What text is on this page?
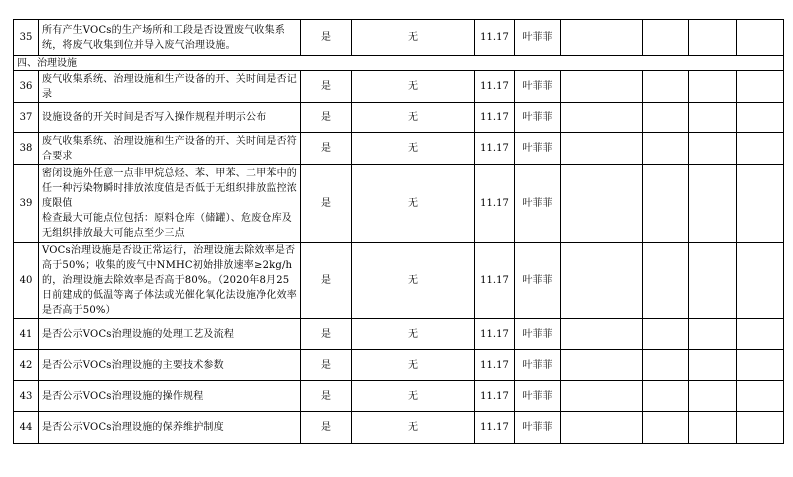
35	所有产生VOCs的生产场所和工段是否设置废气收集系统，将废气收集到位并导入废气治理设施。	是	无	11.17	叶菲菲				
四、治理设施									
36	废气收集系统、治理设施和生产设备的开、关时间是否记录	是	无	11.17	叶菲菲				
37	设施设备的开关时间是否写入操作规程并明示公布	是	无	11.17	叶菲菲				
38	废气收集系统、治理设施和生产设备的开、关时间是否符合要求	是	无	11.17	叶菲菲				
39	密闭设施外任意一点非甲烷总烃、苯、甲苯、二甲苯中的任一种污染物瞬时排放浓度值是否低于无组织排放监控浓度限值
检查最大可能点位包括：原料仓库（储罐）、危废仓库及无组织排放最大可能点至少三点	是	无	11.17	叶菲菲				
40	VOCs治理设施是否设正常运行，治理设施去除效率是否高于50%；收集的废气中NMHC初始排放速率≥2kg/h的，治理设施去除效率是否高于80%。（2020年8月25日前建成的低温等离子体法或光催化氧化法设施净化效率是否高于50%）	是	无	11.17	叶菲菲				
41	是否公示VOCs治理设施的处理工艺及流程	是	无	11.17	叶菲菲				
42	是否公示VOCs治理设施的主要技术参数	是	无	11.17	叶菲菲				
43	是否公示VOCs治理设施的操作规程	是	无	11.17	叶菲菲				
44	是否公示VOCs治理设施的保养维护制度	是	无	11.17	叶菲菲				
